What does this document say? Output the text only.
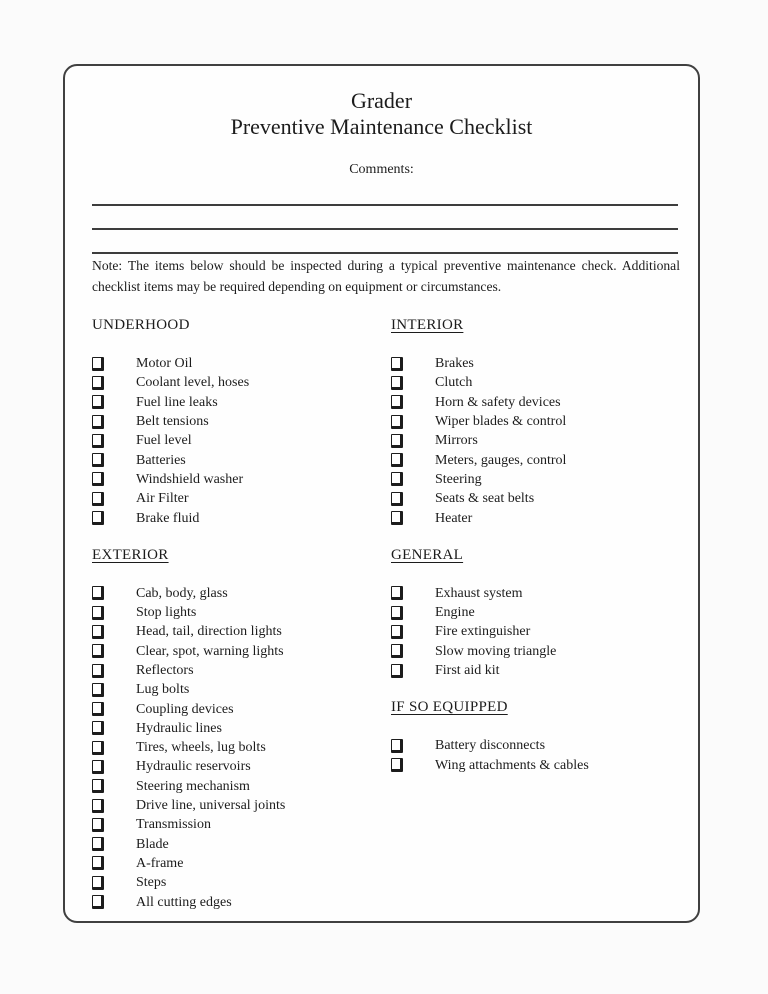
Grader
Preventive Maintenance Checklist
Comments:

Note: The items below should be inspected during a typical preventive maintenance check. Additional checklist items may be required depending on equipment or circumstances.

UNDERHOOD
Motor Oil
Coolant level, hoses
Fuel line leaks
Belt tensions
Fuel level
Batteries
Windshield washer
Air Filter
Brake fluid
EXTERIOR
Cab, body, glass
Stop lights
Head, tail, direction lights
Clear, spot, warning lights
Reflectors
Lug bolts
Coupling devices
Hydraulic lines
Tires, wheels, lug bolts
Hydraulic reservoirs
Steering mechanism
Drive line, universal joints
Transmission
Blade
A-frame
Steps
All cutting edges
INTERIOR
Brakes
Clutch
Horn & safety devices
Wiper blades & control
Mirrors
Meters, gauges, control
Steering
Seats & seat belts
Heater
GENERAL
Exhaust system
Engine
Fire extinguisher
Slow moving triangle
First aid kit
IF SO EQUIPPED
Battery disconnects
Wing attachments & cables
